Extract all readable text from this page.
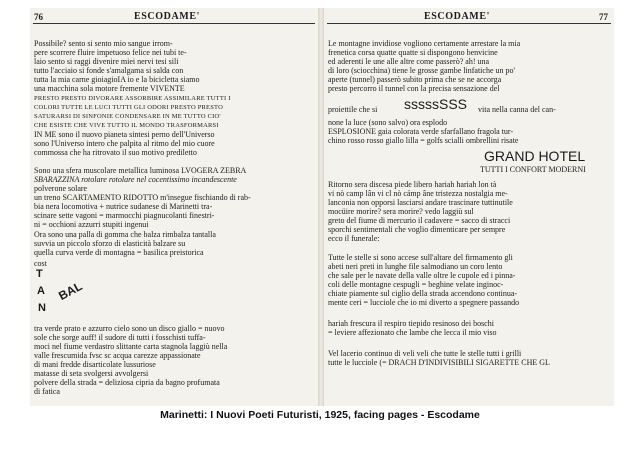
76	ESCODAME'
Possibile? sento si sento mio sangue irrom-
pere scorrere fluire impetuoso felice nei tubi te-
laio sento si raggi divenire miei nervi tesi sili
tutto l'acciaio si fonde s'amalgama si salda con
tutta la mia carne gioiagioIA io e la bicicletta siamo
una macchina sola motore fremente VIVENTE
PRESTO PRESTO DIVORARE ASSORBIRE ASSIMILARE TUTTI I
COLORI TUTTE LE LUCI TUTTI GLI ODORI PRESTO PRESTO
SATURARSI DI SINFONIE CONDENSARE IN ME TUTTO CIO'
CHE ESISTE CHE VIVE TUTTO IL MONDO TRASFORMARSI
IN ME sono il nuovo pianeta sintesi perno dell'Universo
sono l'Universo intero che palpita al ritmo del mio cuore
commossa che ha ritrovato il suo motivo prediletto
Sono una sfera muscolare metallica luminosa LVOGERA ZEBRA
SBARAZZINA rotolare rotolare nel cocentissimo incandescente
polverone solare
un treno SCARTAMENTO RIDOTTO m'insegue fischiando di rab-
bia nera locomotiva + nutrice sudanese di Marinetti tra-
scinare sette vagoni = marmocchi piagnucolanti finestri-
ni = occhioni azzurri stupiti ingenui
Ora sono una palla di gomma che balza rimbalza tantalla
suvvia un piccolo sforzo di elasticità balzare su
quella curva verde di montagna = basilica preistorica
cost
T
A
N
BAL
tra verde prato e azzurro cielo sono un disco giallo = nuovo
sole che sorge auff! il sudore di tutti i fosschisti tuffa-
moci nel fiume verdastro slittante carta stagnola laggiù nella
valle frescumida fvsc sc acqua carezze appassionate
di mani fredde disarticolate lussuriose
matasse di seta svolgersi avvolgersi
polvere della strada = deliziosa cipria da bagno profumata
di fatica
ESCODAME'	77
Le montagne invidiose vogliono certamente arrestare la mia
frenetica corsa quatte quatte si dispongono benvicine
ed aderenti le une alle altre come passerò? ah! una
di loro (sciocchina) tiene le grosse gambe linfatiche un po'
aperte (tunnel) passerò subito prima che se ne accorga
presto percorro il tunnel con la precisa sensazione del
proiettile che si sssssSSS vita nella canna del can-
none la luce (sono salvo) ora esplodo
ESPLOSIONE gaia colorata verde sfarfallano fragola tur-
chino rosso rosso giallo lilla = golfs scialli ombrellini risate
GRAND HOTEL
TUTTI I CONFORT MODERNI
Ritorno sera discesa piede libero hariah hariah lon tà
vi nò camp lân vi cl nò cámp âne tristezza nostalgia me-
lanconia non opporsi lasciarsi andare trascinare tuttinutile
mocüire morire? sera morire? vedo laggiù sul
greto del fiume di mercurio il cadavere = sacco di stracci
sporchi sentimentali che voglio dimenticare per sempre
ecco il funerale:
Tutte le stelle si sono accese sull'altare del firmamento gli
abeti neri preti in lunghe file salmodiano un coro lento
che sale per le navate della valle oltre le cupole ed i pinna-
coli delle montagne cespugli = beghine velate inginoc-
chiate piamente sul ciglio della strada accendono continua-
mente ceri = lucciole che io mi diverto a spegnere passando
hariah frescura il respiro tiepido resinoso dei boschi
= leviere affezionato che lambe che lecca il mio viso
Vel lacerio continuo di veli veli che tutte le stelle tutti i grilli
tutte le lucciole (= DRACH D'INDIVISIBILI SIGARETTE CHE GL
Marinetti: I Nuovi Poeti Futuristi, 1925, facing pages - Escodame
